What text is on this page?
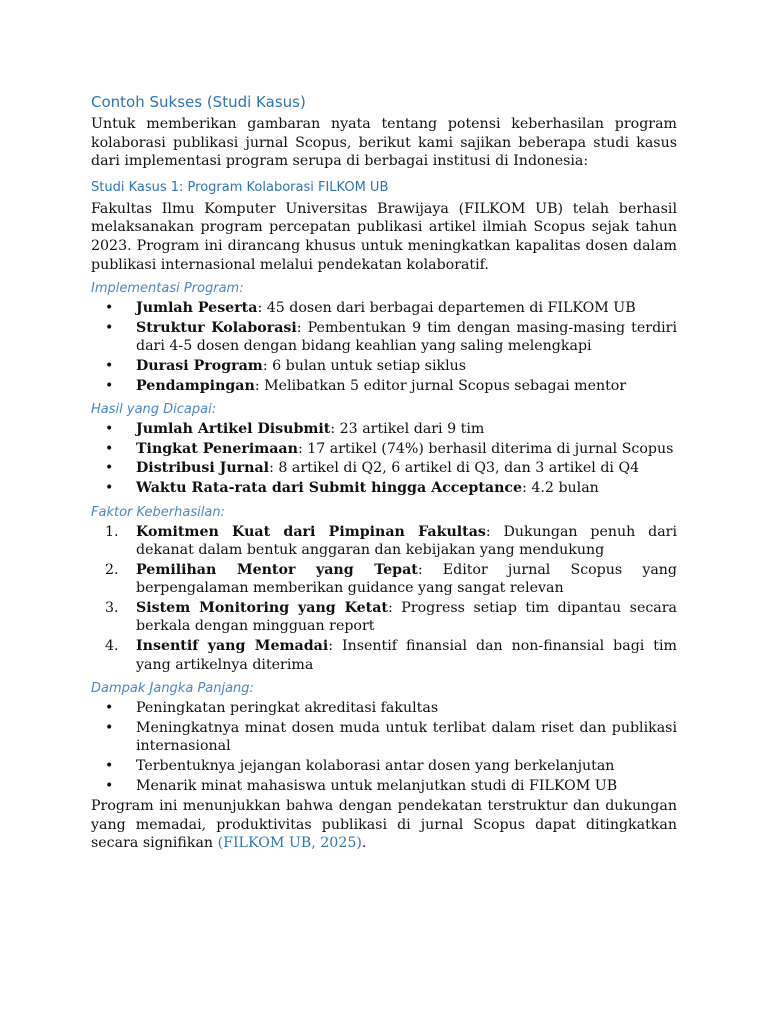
Contoh Sukses (Studi Kasus)

Untuk memberikan gambaran nyata tentang potensi keberhasilan program kolaborasi publikasi jurnal Scopus, berikut kami sajikan beberapa studi kasus dari implementasi program serupa di berbagai institusi di Indonesia:

Studi Kasus 1: Program Kolaborasi FILKOM UB

Fakultas Ilmu Komputer Universitas Brawijaya (FILKOM UB) telah berhasil melaksanakan program percepatan publikasi artikel ilmiah Scopus sejak tahun 2023. Program ini dirancang khusus untuk meningkatkan kapalitas dosen dalam publikasi internasional melalui pendekatan kolaboratif.

Implementasi Program:
• Jumlah Peserta: 45 dosen dari berbagai departemen di FILKOM UB
• Struktur Kolaborasi: Pembentukan 9 tim dengan masing-masing terdiri dari 4-5 dosen dengan bidang keahlian yang saling melengkapi
• Durasi Program: 6 bulan untuk setiap siklus
• Pendampingan: Melibatkan 5 editor jurnal Scopus sebagai mentor
Hasil yang Dicapai:
• Jumlah Artikel Disubmit: 23 artikel dari 9 tim
• Tingkat Penerimaan: 17 artikel (74%) berhasil diterima di jurnal Scopus
• Distribusi Jurnal: 8 artikel di Q2, 6 artikel di Q3, dan 3 artikel di Q4
• Waktu Rata-rata dari Submit hingga Acceptance: 4.2 bulan
Faktor Keberhasilan:
1. Komitmen Kuat dari Pimpinan Fakultas: Dukungan penuh dari dekanat dalam bentuk anggaran dan kebijakan yang mendukung
2. Pemilihan Mentor yang Tepat: Editor jurnal Scopus yang berpengalaman memberikan guidance yang sangat relevan
3. Sistem Monitoring yang Ketat: Progress setiap tim dipantau secara berkala dengan mingguan report
4. Insentif yang Memadai: Insentif finansial dan non-finansial bagi tim yang artikelnya diterima
Dampak Jangka Panjang:
• Peningkatan peringkat akreditasi fakultas
• Meningkatnya minat dosen muda untuk terlibat dalam riset dan publikasi internasional
• Terbentuknya jejangan kolaborasi antar dosen yang berkelanjutan
• Menarik minat mahasiswa untuk melanjutkan studi di FILKOM UB

Program ini menunjukkan bahwa dengan pendekatan terstruktur dan dukungan yang memadai, produktivitas publikasi di jurnal Scopus dapat ditingkatkan secara signifikan (FILKOM UB, 2025).
